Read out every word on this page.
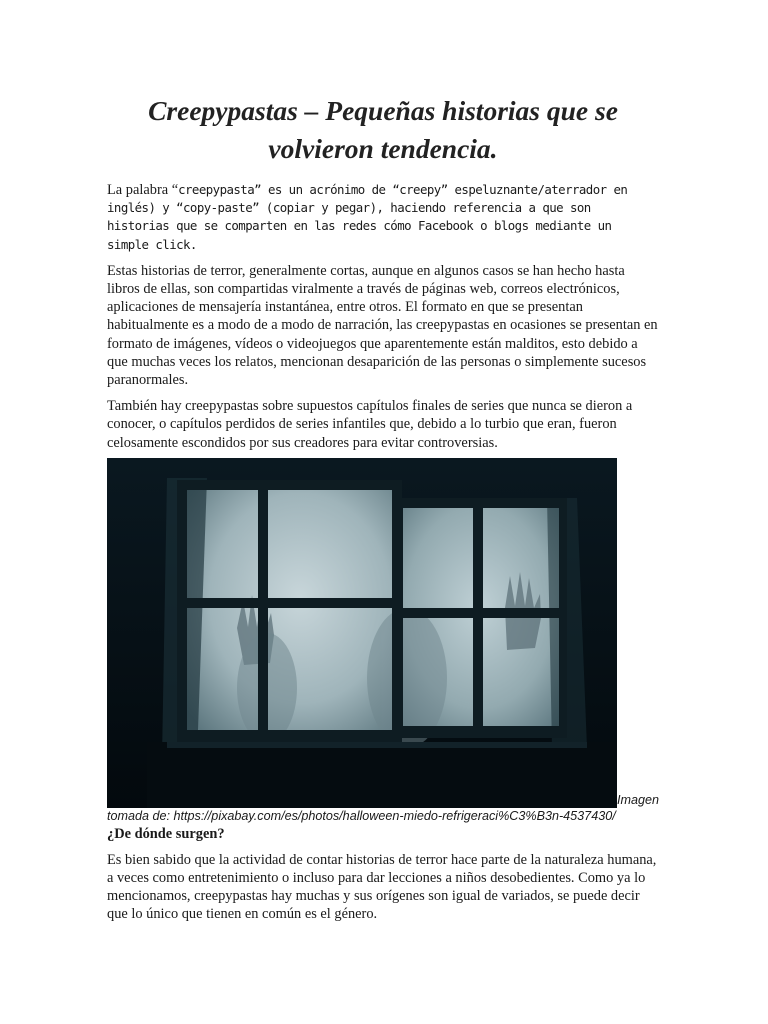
Creepypastas – Pequeñas historias que se volvieron tendencia.

La palabra “creepypasta” es un acrónimo de “creepy” espeluznante/aterrador en inglés) y “copy-paste” (copiar y pegar), haciendo referencia a que son historias que se comparten en las redes cómo Facebook o blogs mediante un simple click.

Estas historias de terror, generalmente cortas, aunque en algunos casos se han hecho hasta libros de ellas, son compartidas viralmente a través de páginas web, correos electrónicos, aplicaciones de mensajería instantánea, entre otros. El formato en que se presentan habitualmente es a modo de a modo de narración, las creepypastas en ocasiones se presentan en formato de imágenes, vídeos o videojuegos que aparentemente están malditos, esto debido a que muchas veces los relatos, mencionan desaparición de las personas o simplemente sucesos paranormales.

También hay creepypastas sobre supuestos capítulos finales de series que nunca se dieron a conocer, o capítulos perdidos de series infantiles que, debido a lo turbio que eran, fueron celosamente escondidos por sus creadores para evitar controversias.

Imagen

tomada de: https://pixabay.com/es/photos/halloween-miedo-refrigeraci%C3%B3n-4537430/

¿De dónde surgen?

Es bien sabido que la actividad de contar historias de terror hace parte de la naturaleza humana, a veces como entretenimiento o incluso para dar lecciones a niños desobedientes. Como ya lo mencionamos, creepypastas hay muchas y sus orígenes son igual de variados, se puede decir que lo único que tienen en común es el género.
